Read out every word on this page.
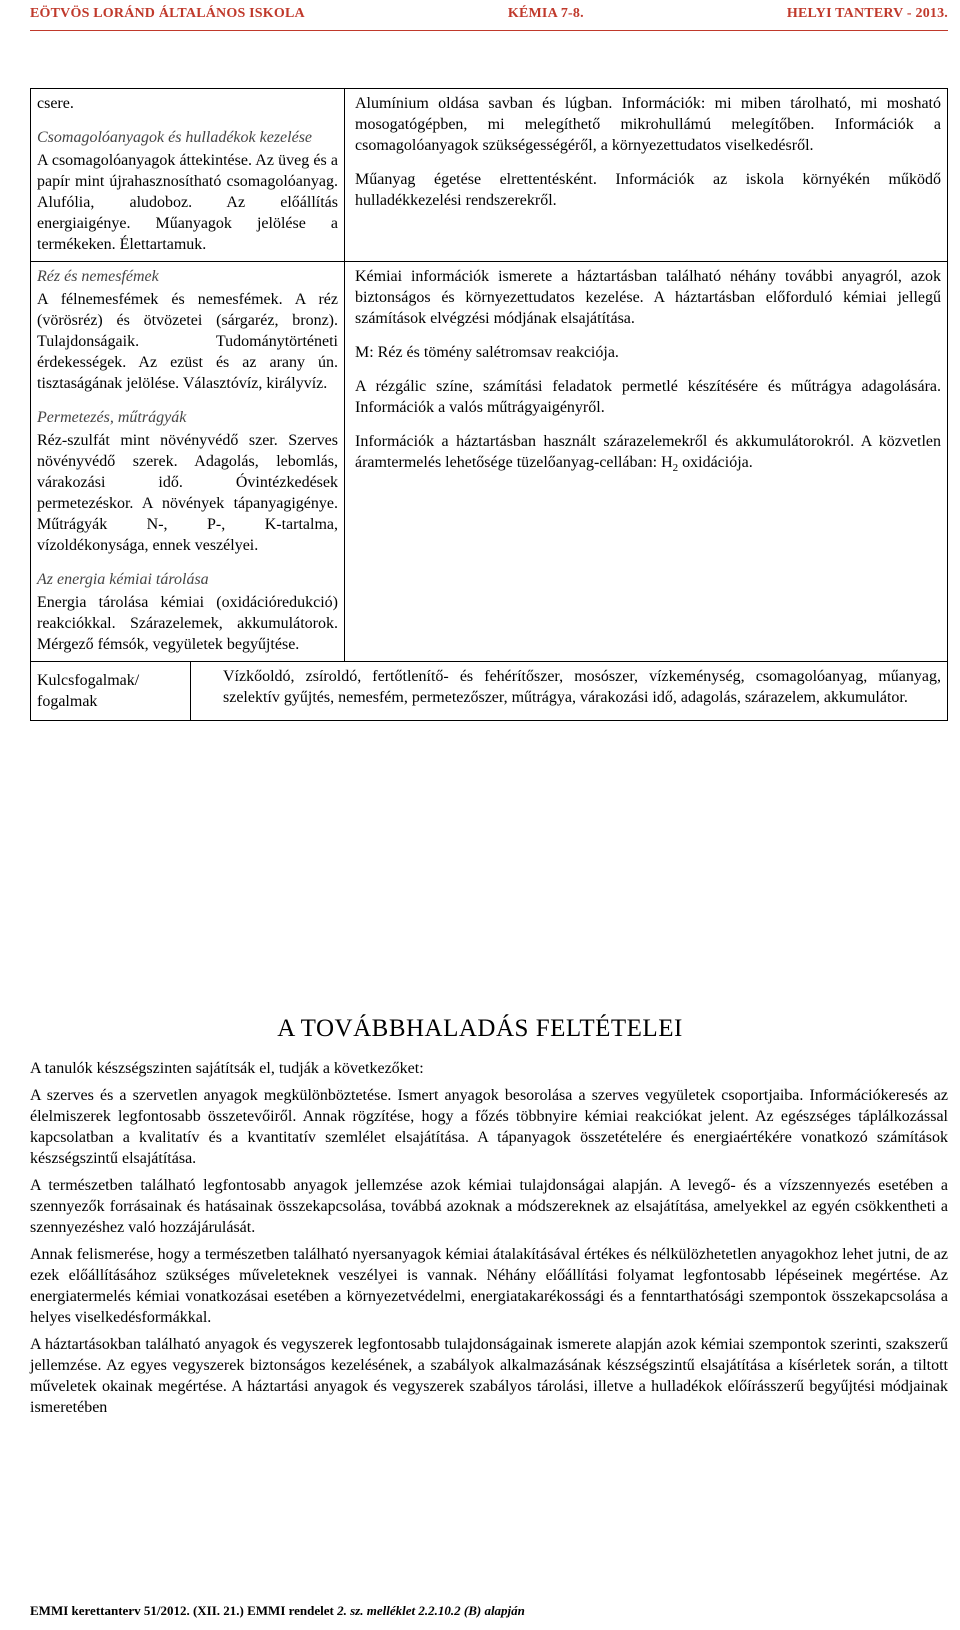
EÖTVÖS LORÁND ÁLTALÁNOS ISKOLA	KÉMIA 7-8.	HELYI TANTERV - 2013.

csere.

Csomagolóanyagok és hulladékok kezelése

A csomagolóanyagok áttekintése. Az üveg és a papír mint újrahasznosítható csomagolóanyag. Alufólia, aludoboz. Az előállítás energiaigénye. Műanyagok jelölése a termékeken. Élettartamuk.

Alumínium oldása savban és lúgban. Információk: mi miben tárolható, mi mosható mosogatógépben, mi melegíthető mikrohullámú melegítőben. Információk a csomagolóanyagok szükségességéről, a környezettudatos viselkedésről.

Műanyag égetése elrettentésként. Információk az iskola környékén működő hulladékkezelési rendszerekről.

Réz és nemesfémek

A félnemesfémek és nemesfémek. A réz (vörösréz) és ötvözetei (sárgaréz, bronz). Tulajdonságaik. Tudománytörténeti érdekességek. Az ezüst és az arany ún. tisztaságának jelölése. Választóvíz, királyvíz.

Permetezés, műtrágyák

Réz-szulfát mint növényvédő szer. Szerves növényvédő szerek. Adagolás, lebomlás, várakozási idő. Óvintézkedések permetezéskor. A növények tápanyagigénye. Műtrágyák N-, P-, K-tartalma, vízoldékonysága, ennek veszélyei.

Az energia kémiai tárolása

Energia tárolása kémiai (oxidációredukció) reakciókkal. Szárazelemek, akkumulátorok. Mérgező fémsók, vegyületek begyűjtése.

Kémiai információk ismerete a háztartásban található néhány további anyagról, azok biztonságos és környezettudatos kezelése. A háztartásban előforduló kémiai jellegű számítások elvégzési módjának elsajátítása.

M: Réz és tömény salétromsav reakciója.

A rézgálic színe, számítási feladatok permetlé készítésére és műtrágya adagolására. Információk a valós műtrágyaigényről.

Információk a háztartásban használt szárazelemekről és akkumulátorokról. A közvetlen áramtermelés lehetősége tüzelőanyag-cellában: $H_2$ oxidációja.

Kulcsfogalmak/ fogalmak
Vízkőoldó, zsíroldó, fertőtlenítő- és fehérítőszer, mosószer, vízkeménység, csomagolóanyag, műanyag, szelektív gyűjtés, nemesfém, permetezőszer, műtrágya, várakozási idő, adagolás, szárazelem, akkumulátor.
A TOVÁBBHALADÁS FELTÉTELEI

A tanulók készségszinten sajátítsák el, tudják a következőket:

A szerves és a szervetlen anyagok megkülönböztetése. Ismert anyagok besorolása a szerves vegyületek csoportjaiba. Információkeresés az élelmiszerek legfontosabb összetevőiről. Annak rögzítése, hogy a főzés többnyire kémiai reakciókat jelent. Az egészséges táplálkozással kapcsolatban a kvalitatív és a kvantitatív szemlélet elsajátítása. A tápanyagok összetételére és energiaértékére vonatkozó számítások készségszintű elsajátítása.

A természetben található legfontosabb anyagok jellemzése azok kémiai tulajdonságai alapján. A levegő- és a vízszennyezés esetében a szennyezők forrásainak és hatásainak összekapcsolása, továbbá azoknak a módszereknek az elsajátítása, amelyekkel az egyén csökkentheti a szennyezéshez való hozzájárulását.

Annak felismerése, hogy a természetben található nyersanyagok kémiai átalakításával értékes és nélkülözhetetlen anyagokhoz lehet jutni, de az ezek előállításához szükséges műveleteknek veszélyei is vannak. Néhány előállítási folyamat legfontosabb lépéseinek megértése. Az energiatermelés kémiai vonatkozásai esetében a környezetvédelmi, energiatakarékossági és a fenntarthatósági szempontok összekapcsolása a helyes viselkedésformákkal.

A háztartásokban található anyagok és vegyszerek legfontosabb tulajdonságainak ismerete alapján azok kémiai szempontok szerinti, szakszerű jellemzése. Az egyes vegyszerek biztonságos kezelésének, a szabályok alkalmazásának készségszintű elsajátítása a kísérletek során, a tiltott műveletek okainak megértése. A háztartási anyagok és vegyszerek szabályos tárolási, illetve a hulladékok előírásszerű begyűjtési módjainak ismeretében

EMMI kerettanterv 51/2012. (XII. 21.) EMMI rendelet 2. sz. melléklet 2.2.10.2 (B) alapján
